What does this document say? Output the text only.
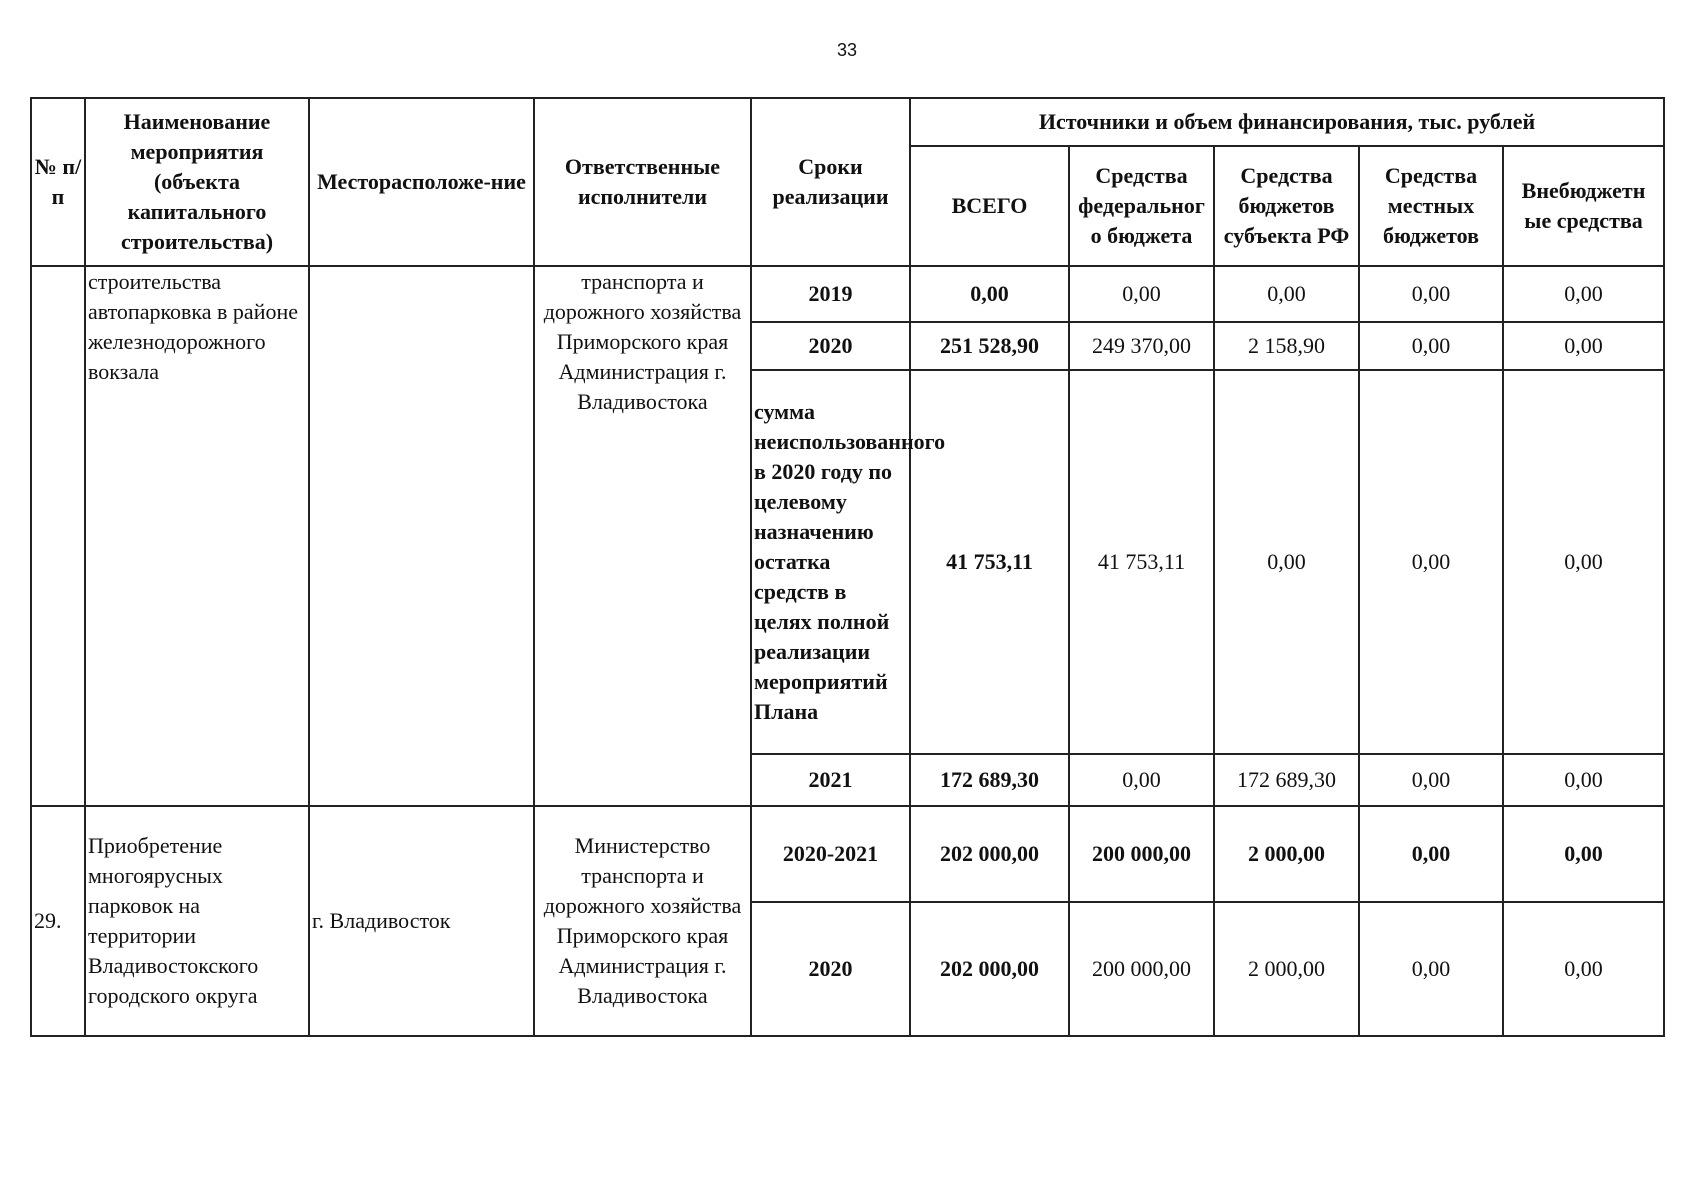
33
№ п/п	Наименование мероприятия (объекта капитального строительства)	Месторасположе-ние	Ответственные исполнители	Сроки реализации	Источники и объем финансирования, тыс. рублей				
					ВСЕГО	Средства федеральног о бюджета	Средства бюджетов субъекта РФ	Средства местных бюджетов	Внебюджетн ые средства
	строительства автопарковка в районе железнодорожного вокзала		транспорта и дорожного хозяйства Приморского края Администрация г. Владивостока	2019	0,00	0,00	0,00	0,00	0,00
				2020	251 528,90	249 370,00	2 158,90	0,00	0,00
				сумма неиспользованного в 2020 году по целевому назначению остатка средств в целях полной реализации мероприятий Плана	41 753,11	41 753,11	0,00	0,00	0,00
				2021	172 689,30	0,00	172 689,30	0,00	0,00
29.	Приобретение многоярусных парковок на территории Владивостокского городского округа	г. Владивосток	Министерство транспорта и дорожного хозяйства Приморского края Администрация г. Владивостока	2020-2021	202 000,00	200 000,00	2 000,00	0,00	0,00
				2020	202 000,00	200 000,00	2 000,00	0,00	0,00
